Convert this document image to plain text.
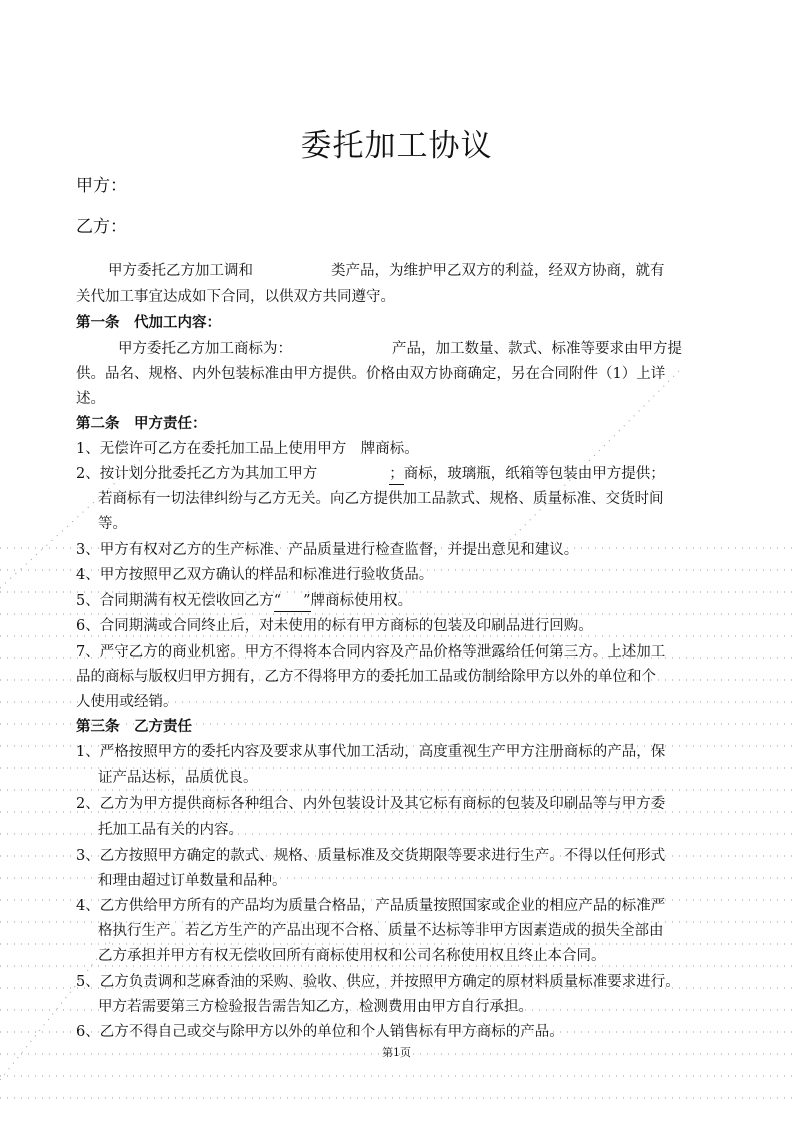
委托加工协议
甲方：
乙方：
甲方委托乙方加工调和	类产品，为维护甲乙双方的利益，经双方协商，就有
关代加工事宜达成如下合同，以供双方共同遵守。
第一条　代加工内容：
甲方委托乙方加工商标为：	产品，加工数量、款式、标准等要求由甲方提
供。品名、规格、内外包装标准由甲方提供。价格由双方协商确定，另在合同附件（1）上详
述。
第二条　甲方责任：
1、无偿许可乙方在委托加工品上使用甲方　牌商标。
2、按计划分批委托乙方为其加工甲方	；商标，玻璃瓶，纸箱等包装由甲方提供；
若商标有一切法律纠纷与乙方无关。向乙方提供加工品款式、规格、质量标准、交货时间
等。
3、甲方有权对乙方的生产标准、产品质量进行检查监督，并提出意见和建议。
4、甲方按照甲乙双方确认的样品和标准进行验收货品。
5、合同期满有权无偿收回乙方“ ”牌商标使用权。
6、合同期满或合同终止后，对未使用的标有甲方商标的包装及印刷品进行回购。
7、严守乙方的商业机密。甲方不得将本合同内容及产品价格等泄露给任何第三方。上述加工
品的商标与版权归甲方拥有，乙方不得将甲方的委托加工品或仿制给除甲方以外的单位和个
人使用或经销。
第三条　乙方责任
1、严格按照甲方的委托内容及要求从事代加工活动，高度重视生产甲方注册商标的产品，保
证产品达标，品质优良。
2、乙方为甲方提供商标各种组合、内外包装设计及其它标有商标的包装及印刷品等与甲方委
托加工品有关的内容。
3、乙方按照甲方确定的款式、规格、质量标准及交货期限等要求进行生产。不得以任何形式
和理由超过订单数量和品种。
4、乙方供给甲方所有的产品均为质量合格品，产品质量按照国家或企业的相应产品的标准严
格执行生产。若乙方生产的产品出现不合格、质量不达标等非甲方因素造成的损失全部由
乙方承担并甲方有权无偿收回所有商标使用权和公司名称使用权且终止本合同。
5、乙方负责调和芝麻香油的采购、验收、供应，并按照甲方确定的原材料质量标准要求进行。
甲方若需要第三方检验报告需告知乙方，检测费用由甲方自行承担。
6、乙方不得自己或交与除甲方以外的单位和个人销售标有甲方商标的产品。
第1页
